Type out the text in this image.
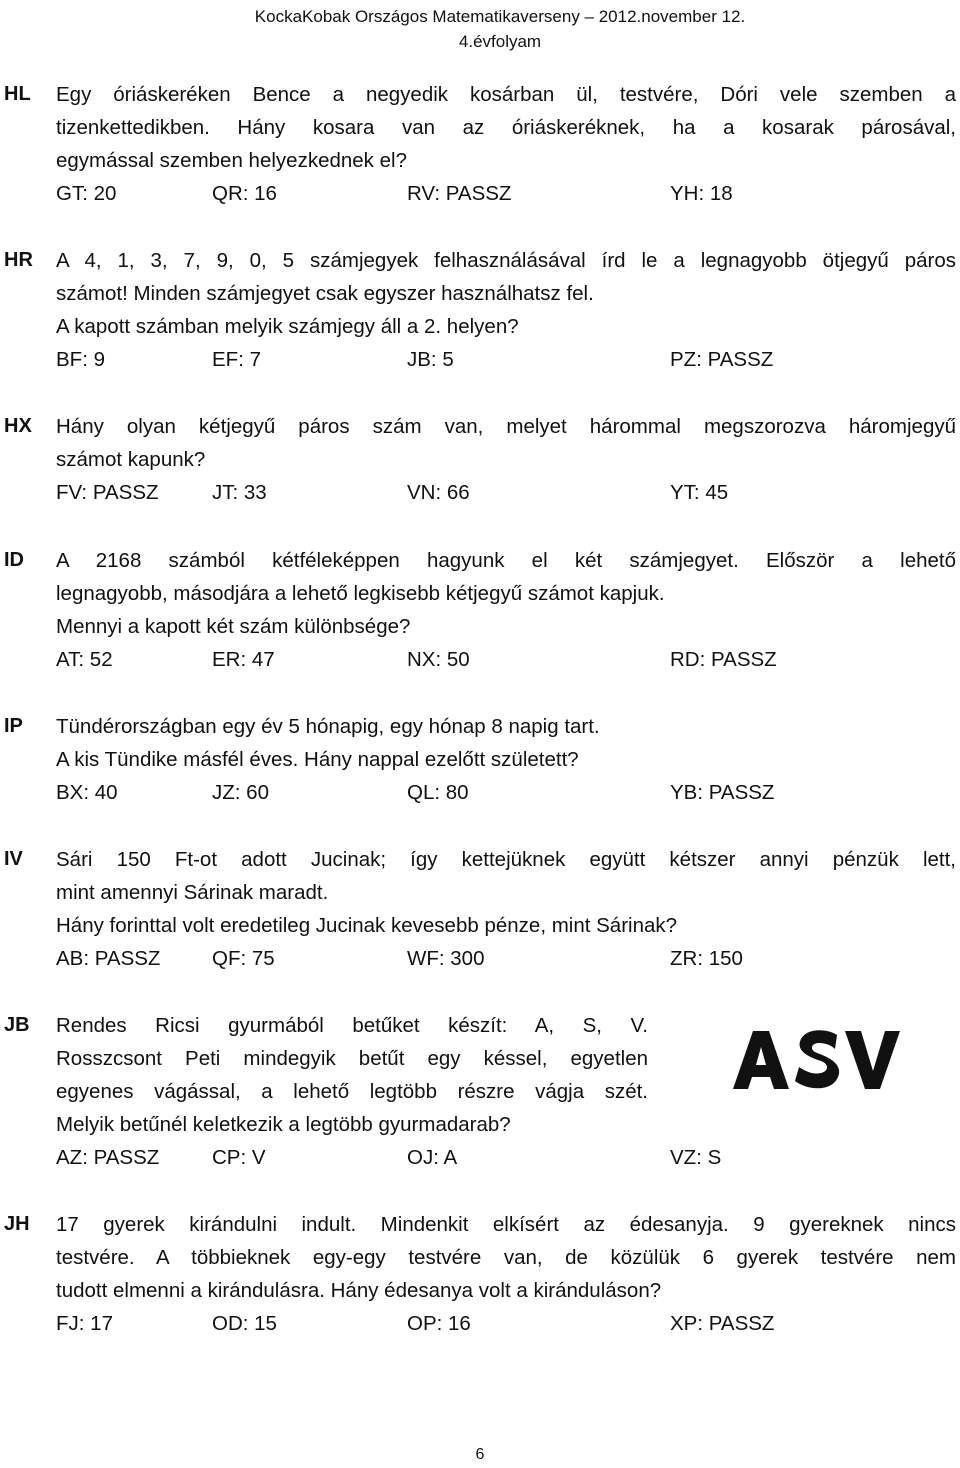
KockaKobak Országos Matematikaverseny – 2012.november 12.
4.évfolyam
HL Egy óriáskeréken Bence a negyedik kosárban ül, testvére, Dóri vele szemben a
tizenkettedikben. Hány kosara van az óriáskeréknek, ha a kosarak párosával,
egymással szemben helyezkednek el?
GT: 20	QR: 16	RV: PASSZ	YH: 18
HR A 4, 1, 3, 7, 9, 0, 5 számjegyek felhasználásával írd le a legnagyobb ötjegyű páros
számot! Minden számjegyet csak egyszer használhatsz fel.
A kapott számban melyik számjegy áll a 2. helyen?
BF: 9	EF: 7	JB: 5	PZ: PASSZ
HX Hány olyan kétjegyű páros szám van, melyet hárommal megszorozva háromjegyű
számot kapunk?
FV: PASSZ	JT: 33	VN: 66	YT: 45
ID A 2168 számból kétféleképpen hagyunk el két számjegyet. Először a lehető
legnagyobb, másodjára a lehető legkisebb kétjegyű számot kapjuk.
Mennyi a kapott két szám különbsége?
AT: 52	ER: 47	NX: 50	RD: PASSZ
IP Tündérországban egy év 5 hónapig, egy hónap 8 napig tart.
A kis Tündike másfél éves. Hány nappal ezelőtt született?
BX: 40	JZ: 60	QL: 80	YB: PASSZ
IV Sári 150 Ft-ot adott Jucinak; így kettejüknek együtt kétszer annyi pénzük lett,
mint amennyi Sárinak maradt.
Hány forinttal volt eredetileg Jucinak kevesebb pénze, mint Sárinak?
AB: PASSZ	QF: 75	WF: 300	ZR: 150
JB Rendes Ricsi gyurmából betűket készít: A, S, V.
Rosszcsont Peti mindegyik betűt egy késsel, egyetlen
egyenes vágással, a lehető legtöbb részre vágja szét.
Melyik betűnél keletkezik a legtöbb gyurmadarab?
AZ: PASSZ	CP: V	OJ: A	VZ: S
JH 17 gyerek kirándulni indult. Mindenkit elkísért az édesanyja. 9 gyereknek nincs
testvére. A többieknek egy-egy testvére van, de közülük 6 gyerek testvére nem
tudott elmenni a kirándulásra. Hány édesanya volt a kiránduláson?
FJ: 17	OD: 15	OP: 16	XP: PASSZ
6
